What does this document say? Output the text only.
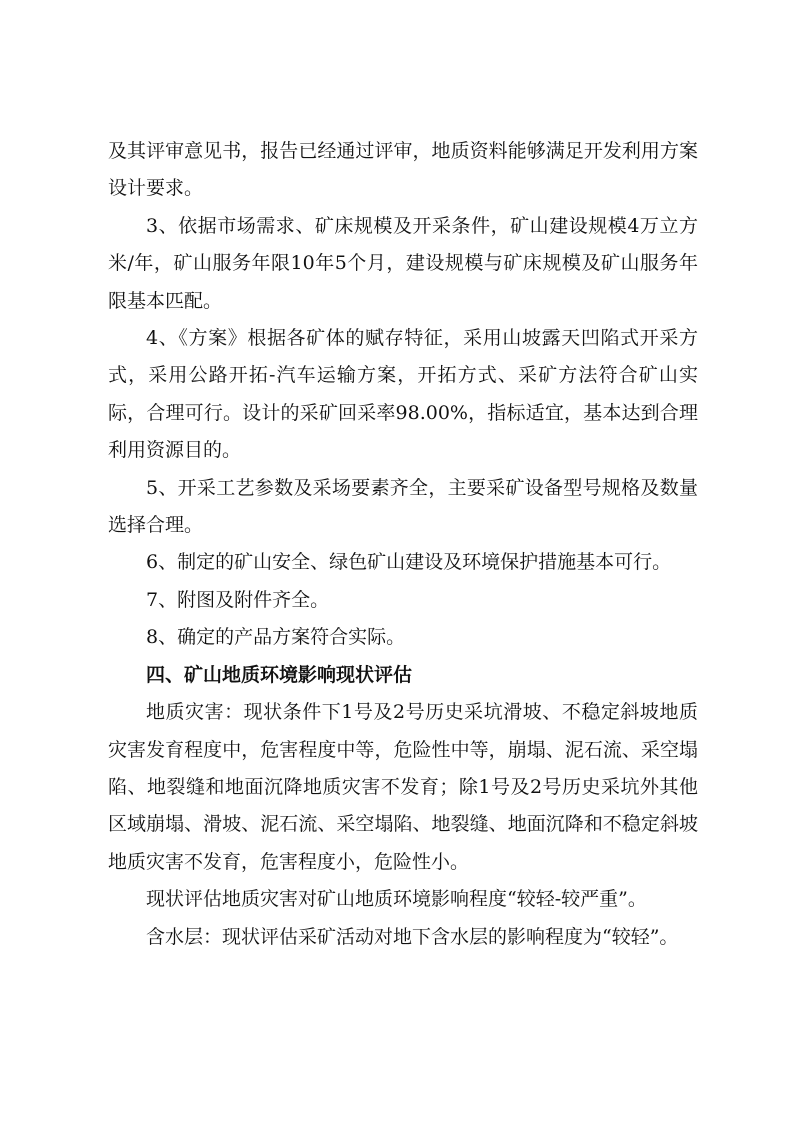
及其评审意见书，报告已经通过评审，地质资料能够满足开发利用方案设计要求。

3、依据市场需求、矿床规模及开采条件，矿山建设规模4万立方米/年，矿山服务年限10年5个月，建设规模与矿床规模及矿山服务年限基本匹配。

4、《方案》根据各矿体的赋存特征，采用山坡露天凹陷式开采方式，采用公路开拓-汽车运输方案，开拓方式、采矿方法符合矿山实际，合理可行。设计的采矿回采率98.00%，指标适宜，基本达到合理利用资源目的。

5、开采工艺参数及采场要素齐全，主要采矿设备型号规格及数量选择合理。

6、制定的矿山安全、绿色矿山建设及环境保护措施基本可行。

7、附图及附件齐全。

8、确定的产品方案符合实际。

四、矿山地质环境影响现状评估

地质灾害：现状条件下1号及2号历史采坑滑坡、不稳定斜坡地质灾害发育程度中，危害程度中等，危险性中等，崩塌、泥石流、采空塌陷、地裂缝和地面沉降地质灾害不发育；除1号及2号历史采坑外其他区域崩塌、滑坡、泥石流、采空塌陷、地裂缝、地面沉降和不稳定斜坡地质灾害不发育，危害程度小，危险性小。

现状评估地质灾害对矿山地质环境影响程度“较轻-较严重”。

含水层：现状评估采矿活动对地下含水层的影响程度为“较轻”。
